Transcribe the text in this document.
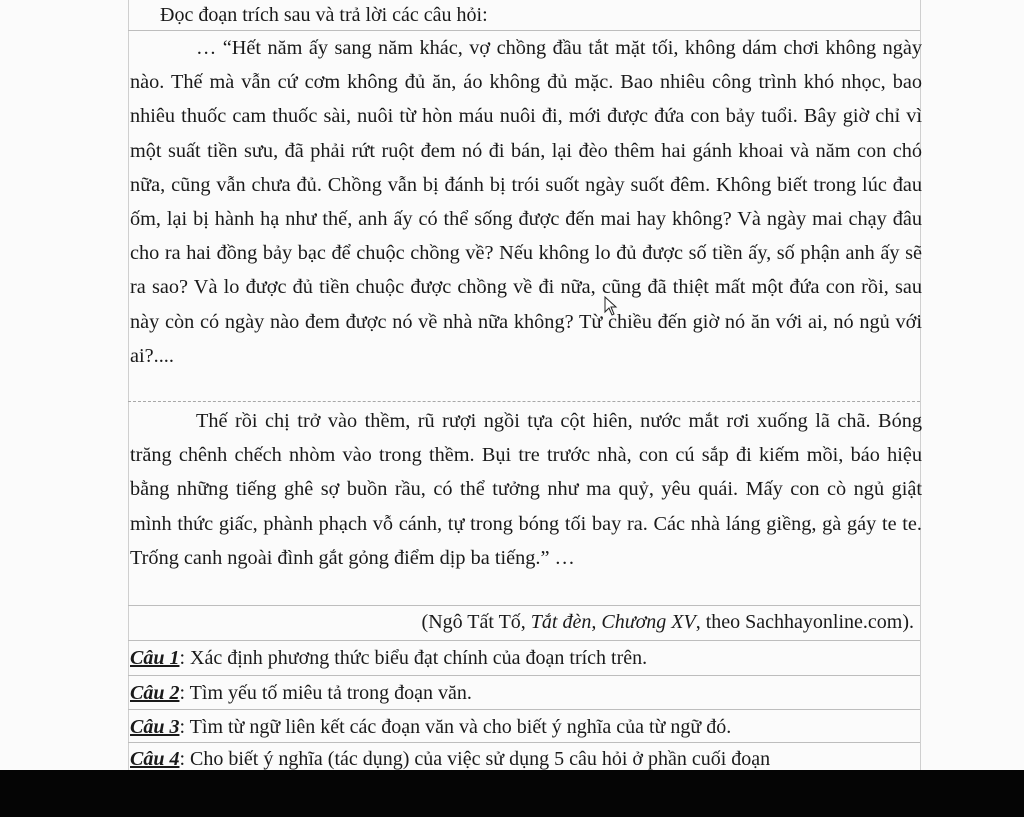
Đọc đoạn trích sau và trả lời các câu hỏi:

… “Hết năm ấy sang năm khác, vợ chồng đầu tắt mặt tối, không dám chơi không ngày nào. Thế mà vẫn cứ cơm không đủ ăn, áo không đủ mặc. Bao nhiêu công trình khó nhọc, bao nhiêu thuốc cam thuốc sài, nuôi từ hòn máu nuôi đi, mới được đứa con bảy tuổi. Bây giờ chỉ vì một suất tiền sưu, đã phải rứt ruột đem nó đi bán, lại đèo thêm hai gánh khoai và năm con chó nữa, cũng vẫn chưa đủ. Chồng vẫn bị đánh bị trói suốt ngày suốt đêm. Không biết trong lúc đau ốm, lại bị hành hạ như thế, anh ấy có thể sống được đến mai hay không? Và ngày mai chạy đâu cho ra hai đồng bảy bạc để chuộc chồng về? Nếu không lo đủ được số tiền ấy, số phận anh ấy sẽ ra sao? Và lo được đủ tiền chuộc được chồng về đi nữa, cũng đã thiệt mất một đứa con rồi, sau này còn có ngày nào đem được nó về nhà nữa không? Từ chiều đến giờ nó ăn với ai, nó ngủ với ai?....

Thế rồi chị trở vào thềm, rũ rượi ngồi tựa cột hiên, nước mắt rơi xuống lã chã. Bóng trăng chênh chếch nhòm vào trong thềm. Bụi tre trước nhà, con cú sắp đi kiếm mồi, báo hiệu bằng những tiếng ghê sợ buồn rầu, có thể tưởng như ma quỷ, yêu quái. Mấy con cò ngủ giật mình thức giấc, phành phạch vỗ cánh, tự trong bóng tối bay ra. Các nhà láng giềng, gà gáy te te. Trống canh ngoài đình gắt gỏng điểm dịp ba tiếng.” …

(Ngô Tất Tố, Tắt đèn, Chương XV, theo Sachhayonline.com).
Câu 1: Xác định phương thức biểu đạt chính của đoạn trích trên.
Câu 2: Tìm yếu tố miêu tả trong đoạn văn.
Câu 3: Tìm từ ngữ liên kết các đoạn văn và cho biết ý nghĩa của từ ngữ đó.
Câu 4: Cho biết ý nghĩa (tác dụng) của việc sử dụng 5 câu hỏi ở phần cuối đoạn
